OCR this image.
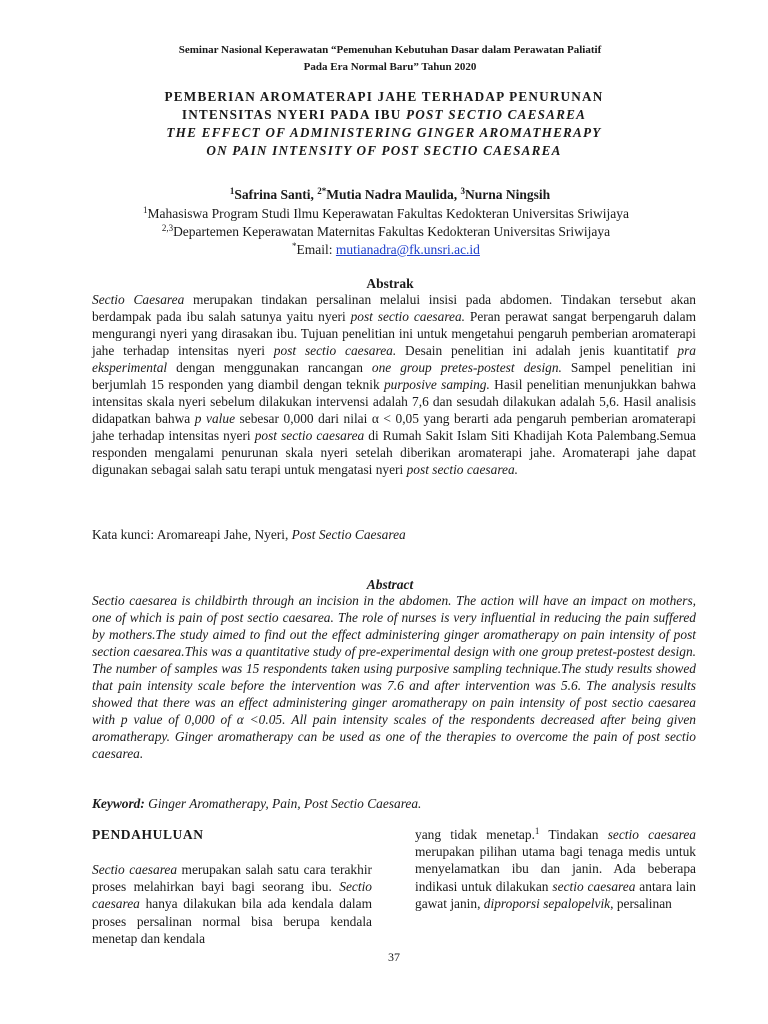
Seminar Nasional Keperawatan “Pemenuhan Kebutuhan Dasar dalam Perawatan Paliatif
Pada Era Normal Baru” Tahun 2020
PEMBERIAN AROMATERAPI JAHE TERHADAP PENURUNAN
INTENSITAS NYERI PADA IBU POST SECTIO CAESAREA
THE EFFECT OF ADMINISTERING GINGER AROMATHERAPY
ON PAIN INTENSITY OF POST SECTIO CAESAREA
$^1$Safrina Santi, $^{2*}$Mutia Nadra Maulida, $^3$Nurna Ningsih
$^1$Mahasiswa Program Studi Ilmu Keperawatan Fakultas Kedokteran Universitas Sriwijaya
$^{2,3}$Departemen Keperawatan Maternitas Fakultas Kedokteran Universitas Sriwijaya
*Email: mutianadra@fk.unsri.ac.id
Abstrak
Sectio Caesarea merupakan tindakan persalinan melalui insisi pada abdomen. Tindakan tersebut akan berdampak pada ibu salah satunya yaitu nyeri post sectio caesarea. Peran perawat sangat berpengaruh dalam mengurangi nyeri yang dirasakan ibu. Tujuan penelitian ini untuk mengetahui pengaruh pemberian aromaterapi jahe terhadap intensitas nyeri post sectio caesarea. Desain penelitian ini adalah jenis kuantitatif pra eksperimental dengan menggunakan rancangan one group pretes-postest design. Sampel penelitian ini berjumlah 15 responden yang diambil dengan teknik purposive samping. Hasil penelitian menunjukkan bahwa intensitas skala nyeri sebelum dilakukan intervensi adalah 7,6 dan sesudah dilakukan adalah 5,6. Hasil analisis didapatkan bahwa p value sebesar 0,000 dari nilai α < 0,05 yang berarti ada pengaruh pemberian aromaterapi jahe terhadap intensitas nyeri post sectio caesarea di Rumah Sakit Islam Siti Khadijah Kota Palembang.Semua responden mengalami penurunan skala nyeri setelah diberikan aromaterapi jahe. Aromaterapi jahe dapat digunakan sebagai salah satu terapi untuk mengatasi nyeri post sectio caesarea.
Kata kunci: Aromareapi Jahe, Nyeri, Post Sectio Caesarea
Abstract
Sectio caesarea is childbirth through an incision in the abdomen. The action will have an impact on mothers, one of which is pain of post sectio caesarea. The role of nurses is very influential in reducing the pain suffered by mothers.The study aimed to find out the effect administering ginger aromatherapy on pain intensity of post section caesarea.This was a quantitative study of pre-experimental design with one group pretest-postest design. The number of samples was 15 respondents taken using purposive sampling technique.The study results showed that pain intensity scale before the intervention was 7.6 and after intervention was 5.6. The analysis results showed that there was an effect administering ginger aromatherapy on pain intensity of post sectio caesarea with p value of 0,000 of α <0.05. All pain intensity scales of the respondents decreased after being given aromatherapy. Ginger aromatherapy can be used as one of the therapies to overcome the pain of post sectio caesarea.
Keyword: Ginger Aromatherapy, Pain, Post Sectio Caesarea.
PENDAHULUAN
Sectio caesarea merupakan salah satu cara terakhir proses melahirkan bayi bagi seorang ibu. Sectio caesarea hanya dilakukan bila ada kendala dalam proses persalinan normal bisa berupa kendala menetap dan kendala
yang tidak menetap.$^1$ Tindakan sectio caesarea merupakan pilihan utama bagi tenaga medis untuk menyelamatkan ibu dan janin. Ada beberapa indikasi untuk dilakukan sectio caesarea antara lain gawat janin, diproporsi sepalopelvik, persalinan
37
